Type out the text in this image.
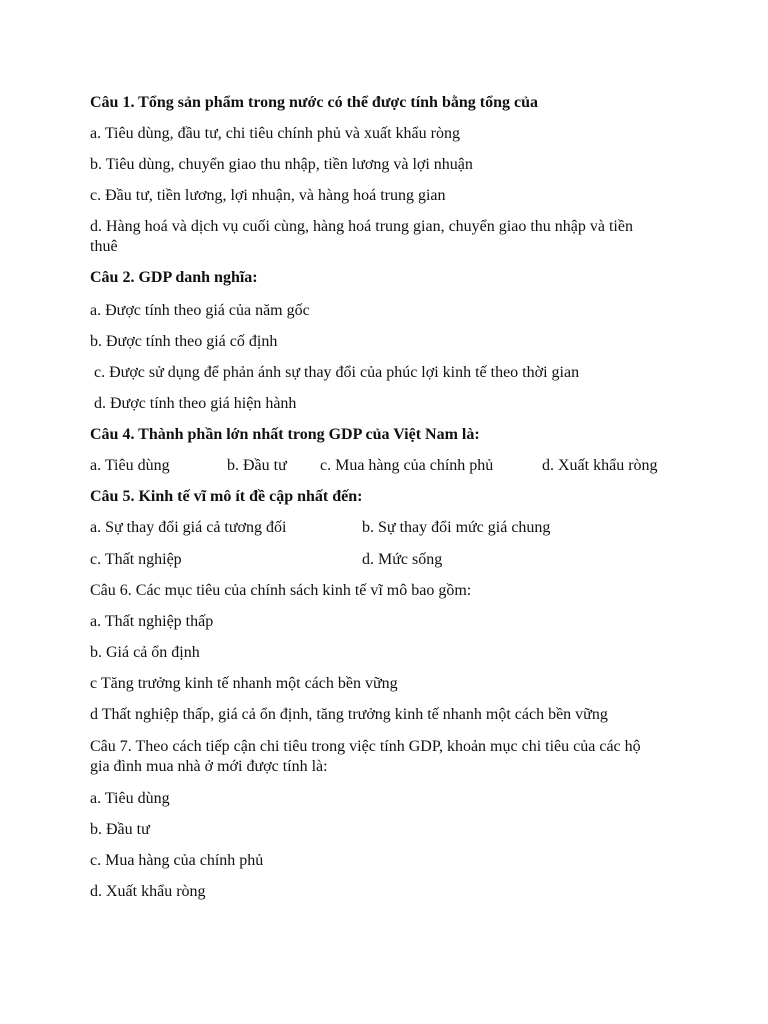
Câu 1. Tổng sản phẩm trong nước có thể được tính bằng tổng của
a. Tiêu dùng, đầu tư, chi tiêu chính phủ và xuất khẩu ròng
b. Tiêu dùng, chuyển giao thu nhập, tiền lương và lợi nhuận
c. Đầu tư, tiền lương, lợi nhuận, và hàng hoá trung gian
d. Hàng hoá và dịch vụ cuối cùng, hàng hoá trung gian, chuyển giao thu nhập và tiền thuê
Câu 2. GDP danh nghĩa:
a. Được tính theo giá của năm gốc
b. Được tính theo giá cố định
c. Được sử dụng để phản ánh sự thay đổi của phúc lợi kinh tế theo thời gian
d. Được tính theo giá hiện hành
Câu 4. Thành phần lớn nhất trong GDP của Việt Nam là:
a. Tiêu dùng	b. Đầu tư c. Mua hàng của chính phủ	d. Xuất khẩu ròng
Câu 5. Kinh tế vĩ mô ít đề cập nhất đến:
a. Sự thay đổi giá cả tương đối	b. Sự thay đổi mức giá chung
c. Thất nghiệp	d. Mức sống
Câu 6. Các mục tiêu của chính sách kinh tế vĩ mô bao gồm:
a. Thất nghiệp thấp
b. Giá cả ổn định
c Tăng trưởng kinh tế nhanh một cách bền vững
d Thất nghiệp thấp, giá cả ổn định, tăng trưởng kinh tế nhanh một cách bền vững
Câu 7. Theo cách tiếp cận chi tiêu trong việc tính GDP, khoản mục chi tiêu của các hộ gia đình mua nhà ở mới được tính là:
a. Tiêu dùng
b. Đầu tư
c. Mua hàng của chính phủ
d. Xuất khẩu ròng
